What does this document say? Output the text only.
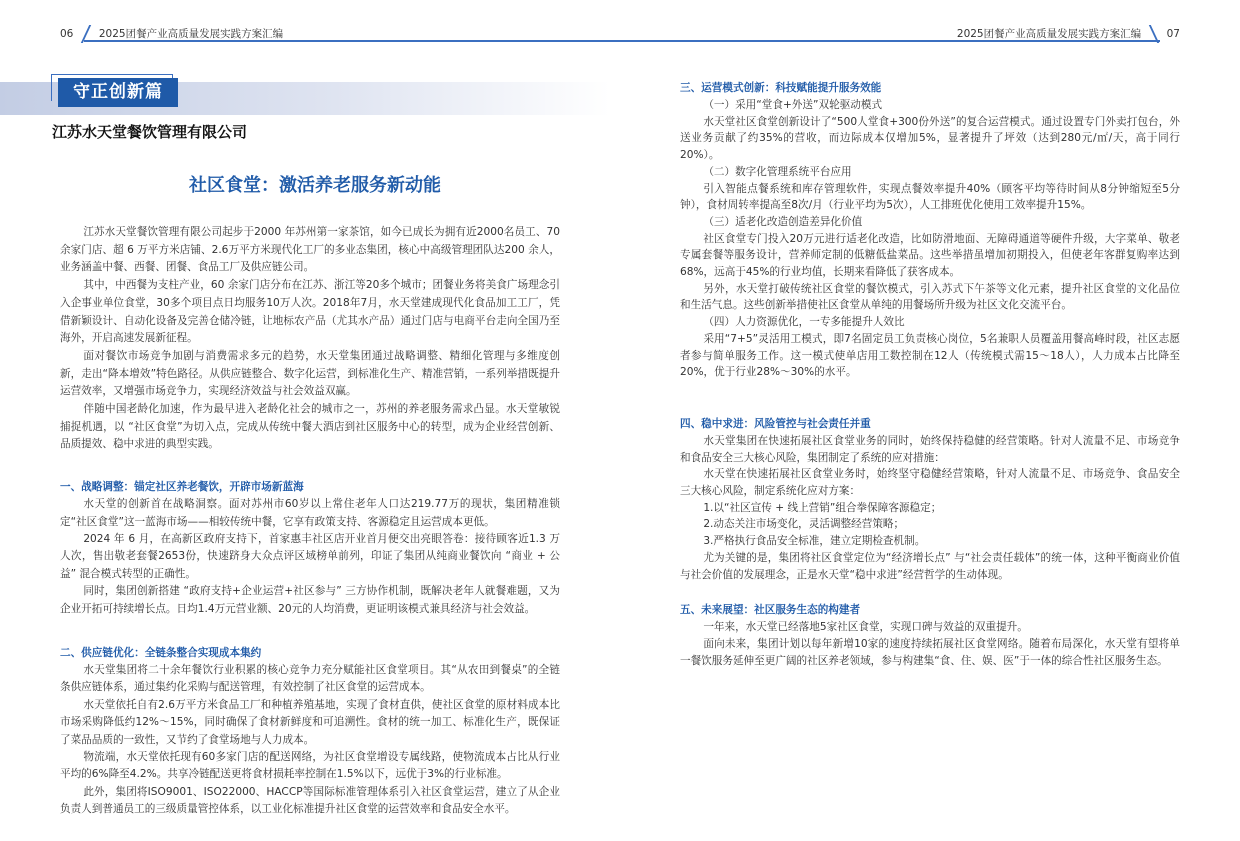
06 2025团餐产业高质量发展实践方案汇编	2025团餐产业高质量发展实践方案汇编 07
守正创新篇
江苏水天堂餐饮管理有限公司
社区食堂：激活养老服务新动能

江苏水天堂餐饮管理有限公司起步于2000 年苏州第一家茶馆，如今已成长为拥有近2000名员工、70余家门店、超 6 万平方米店铺、2.6万平方米现代化工厂的多业态集团，核心中高级管理团队达200 余人，业务涵盖中餐、西餐、团餐、食品工厂及供应链公司。

其中，中西餐为支柱产业，60 余家门店分布在江苏、浙江等20多个城市；团餐业务将美食广场理念引入企事业单位食堂，30多个项目点日均服务10万人次。2018年7月，水天堂建成现代化食品加工工厂，凭借新颖设计、自动化设备及完善仓储冷链，让地标农产品（尤其水产品）通过门店与电商平台走向全国乃至海外，开启高速发展新征程。

面对餐饮市场竞争加剧与消费需求多元的趋势，水天堂集团通过战略调整、精细化管理与多维度创新，走出“降本增效”特色路径。从供应链整合、数字化运营，到标准化生产、精准营销，一系列举措既提升运营效率，又增强市场竞争力，实现经济效益与社会效益双赢。

伴随中国老龄化加速，作为最早进入老龄化社会的城市之一，苏州的养老服务需求凸显。水天堂敏锐捕捉机遇，以 “社区食堂”为切入点，完成从传统中餐大酒店到社区服务中心的转型，成为企业经营创新、品质提效、稳中求进的典型实践。

一、战略调整：锚定社区养老餐饮，开辟市场新蓝海

水天堂的创新首在战略洞察。面对苏州市60岁以上常住老年人口达219.77万的现状，集团精准锁定“社区食堂”这一蓝海市场——相较传统中餐，它享有政策支持、客源稳定且运营成本更低。

2024 年 6 月，在高新区政府支持下，首家惠丰社区店开业首月便交出亮眼答卷：接待顾客近1.3 万人次，售出敬老套餐2653份，快速跻身大众点评区域榜单前列，印证了集团从纯商业餐饮向 “商业 + 公益” 混合模式转型的正确性。

同时，集团创新搭建 “政府支持+企业运营+社区参与” 三方协作机制，既解决老年人就餐难题，又为企业开拓可持续增长点。日均1.4万元营业额、20元的人均消费，更证明该模式兼具经济与社会效益。

二、供应链优化：全链条整合实现成本集约

水天堂集团将二十余年餐饮行业积累的核心竞争力充分赋能社区食堂项目。其“从农田到餐桌”的全链条供应链体系，通过集约化采购与配送管理，有效控制了社区食堂的运营成本。

水天堂依托自有2.6万平方米食品工厂和种植养殖基地，实现了食材直供，使社区食堂的原材料成本比市场采购降低约12%～15%，同时确保了食材新鲜度和可追溯性。食材的统一加工、标准化生产，既保证了菜品品质的一致性，又节约了食堂场地与人力成本。

物流端，水天堂依托现有60多家门店的配送网络，为社区食堂增设专属线路，使物流成本占比从行业平均的6%降至4.2%。共享冷链配送更将食材损耗率控制在1.5%以下，远优于3%的行业标准。

此外，集团将ISO9001、ISO22000、HACCP等国际标准管理体系引入社区食堂运营，建立了从企业负责人到普通员工的三级质量管控体系，以工业化标准提升社区食堂的运营效率和食品安全水平。

三、运营模式创新：科技赋能提升服务效能

（一）采用“堂食+外送”双轮驱动模式

水天堂社区食堂创新设计了“500人堂食+300份外送”的复合运营模式。通过设置专门外卖打包台，外送业务贡献了约35%的营收，而边际成本仅增加5%，显著提升了坪效（达到280元/㎡/天，高于同行20%）。

（二）数字化管理系统平台应用

引入智能点餐系统和库存管理软件，实现点餐效率提升40%（顾客平均等待时间从8分钟缩短至5分钟），食材周转率提高至8次/月（行业平均为5次），人工排班优化使用工效率提升15%。

（三）适老化改造创造差异化价值

社区食堂专门投入20万元进行适老化改造，比如防滑地面、无障碍通道等硬件升级，大字菜单、敬老专属套餐等服务设计，营养师定制的低糖低盐菜品。这些举措虽增加初期投入，但使老年客群复购率达到68%，远高于45%的行业均值，长期来看降低了获客成本。

另外，水天堂打破传统社区食堂的餐饮模式，引入苏式下午茶等文化元素，提升社区食堂的文化品位和生活气息。这些创新举措使社区食堂从单纯的用餐场所升级为社区文化交流平台。

（四）人力资源优化，一专多能提升人效比

采用“7+5”灵活用工模式，即7名固定员工负责核心岗位，5名兼职人员覆盖用餐高峰时段，社区志愿者参与简单服务工作。这一模式使单店用工数控制在12人（传统模式需15～18人），人力成本占比降至20%，优于行业28%～30%的水平。

四、稳中求进：风险管控与社会责任并重

水天堂集团在快速拓展社区食堂业务的同时，始终保持稳健的经营策略。针对人流量不足、市场竞争和食品安全三大核心风险，集团制定了系统的应对措施：

水天堂在快速拓展社区食堂业务时，始终坚守稳健经营策略，针对人流量不足、市场竞争、食品安全三大核心风险，制定系统化应对方案：

1.以“社区宣传 + 线上营销”组合拳保障客源稳定；

2.动态关注市场变化，灵活调整经营策略；

3.严格执行食品安全标准，建立定期检查机制。

尤为关键的是，集团将社区食堂定位为“经济增长点” 与“社会责任载体”的统一体，这种平衡商业价值与社会价值的发展理念，正是水天堂“稳中求进”经营哲学的生动体现。

五、未来展望：社区服务生态的构建者

一年来，水天堂已经落地5家社区食堂，实现口碑与效益的双重提升。

面向未来，集团计划以每年新增10家的速度持续拓展社区食堂网络。随着布局深化，水天堂有望将单一餐饮服务延伸至更广阔的社区养老领域，参与构建集“食、住、娱、医”于一体的综合性社区服务生态。
